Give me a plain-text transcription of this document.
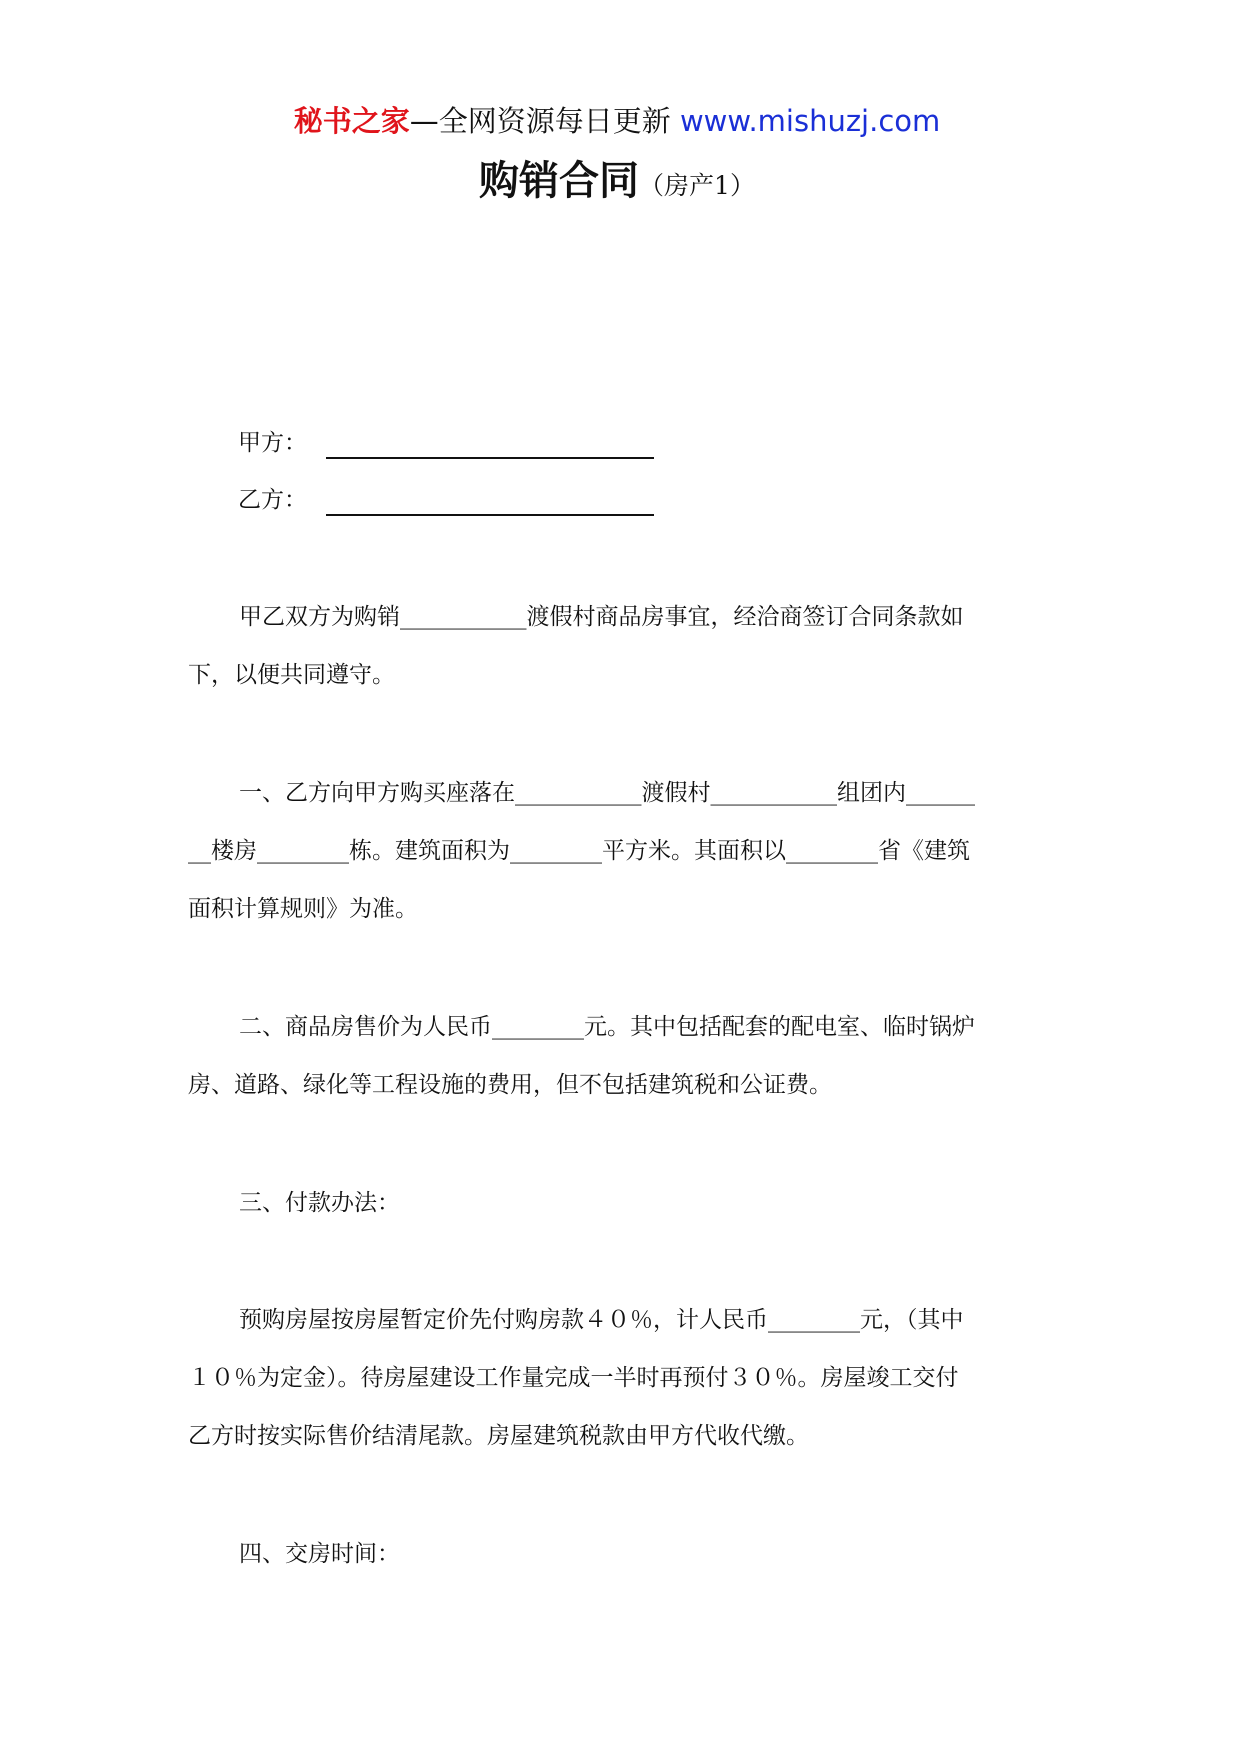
秘书之家—全网资源每日更新 www.mishuzj.com
购销合同（房产1）
甲方：
乙方：
甲乙双方为购销___________渡假村商品房事宜，经洽商签订合同条款如
下，以便共同遵守。
一、乙方向甲方购买座落在___________渡假村___________组团内______
__楼房________栋。建筑面积为________平方米。其面积以________省《建筑
面积计算规则》为准。
二、商品房售价为人民币________元。其中包括配套的配电室、临时锅炉
房、道路、绿化等工程设施的费用，但不包括建筑税和公证费。
三、付款办法：
预购房屋按房屋暂定价先付购房款４０％，计人民币________元，（其中
１０％为定金）。待房屋建设工作量完成一半时再预付３０％。房屋竣工交付
乙方时按实际售价结清尾款。房屋建筑税款由甲方代收代缴。
四、交房时间：
